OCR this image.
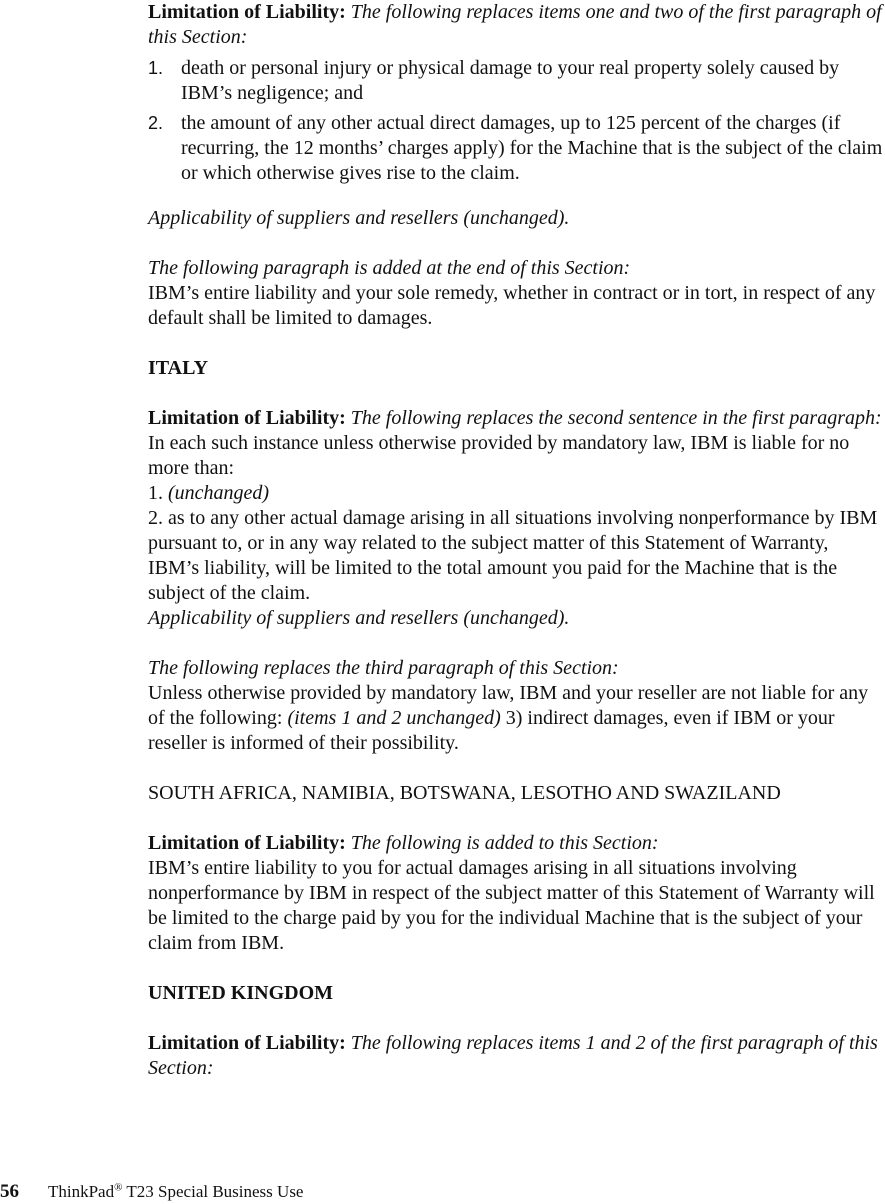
Limitation of Liability: The following replaces items one and two of the first paragraph of this Section:

1. death or personal injury or physical damage to your real property solely caused by IBM’s negligence; and
2. the amount of any other actual direct damages, up to 125 percent of the charges (if recurring, the 12 months’ charges apply) for the Machine that is the subject of the claim or which otherwise gives rise to the claim.

Applicability of suppliers and resellers (unchanged).

The following paragraph is added at the end of this Section:

IBM’s entire liability and your sole remedy, whether in contract or in tort, in respect of any default shall be limited to damages.

ITALY

Limitation of Liability: The following replaces the second sentence in the first paragraph:

In each such instance unless otherwise provided by mandatory law, IBM is liable for no more than:

1. (unchanged)

2. as to any other actual damage arising in all situations involving nonperformance by IBM pursuant to, or in any way related to the subject matter of this Statement of Warranty, IBM’s liability, will be limited to the total amount you paid for the Machine that is the subject of the claim.

Applicability of suppliers and resellers (unchanged).

The following replaces the third paragraph of this Section:

Unless otherwise provided by mandatory law, IBM and your reseller are not liable for any of the following: (items 1 and 2 unchanged) 3) indirect damages, even if IBM or your reseller is informed of their possibility.

SOUTH AFRICA, NAMIBIA, BOTSWANA, LESOTHO AND SWAZILAND

Limitation of Liability: The following is added to this Section:

IBM’s entire liability to you for actual damages arising in all situations involving nonperformance by IBM in respect of the subject matter of this Statement of Warranty will be limited to the charge paid by you for the individual Machine that is the subject of your claim from IBM.

UNITED KINGDOM

Limitation of Liability: The following replaces items 1 and 2 of the first paragraph of this Section:

56 ThinkPad® T23 Special Business Use
